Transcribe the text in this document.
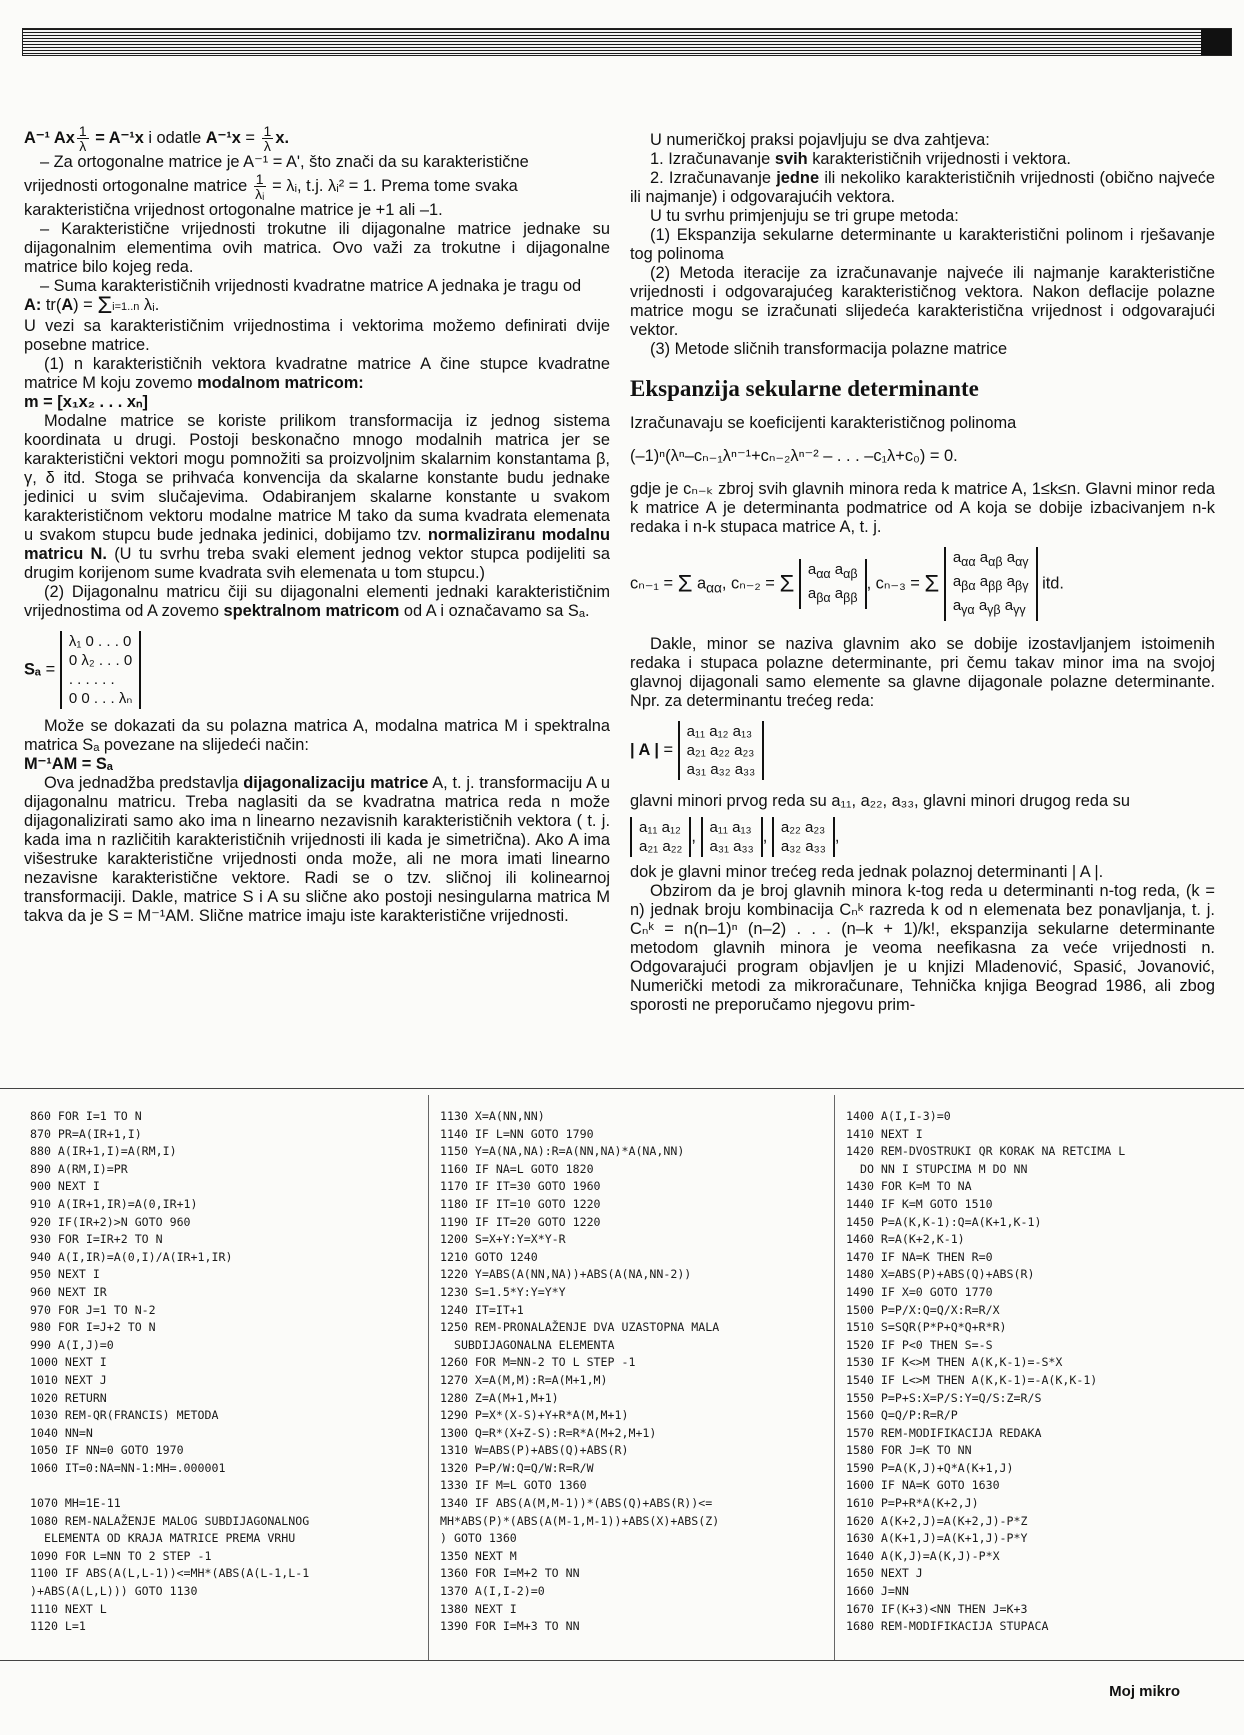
A⁻¹ Ax $\frac{1}{\lambda} = A^{-1}x$ i odatle $A^{-1}x = \frac{1}{\lambda} x$.

– Za ortogonalne matrice je A⁻¹ = A', što znači da su karakteristične

vrijednosti ortogonalne matrice $\frac{1}{\text{λᵢ}}$ = λᵢ, t.j. λᵢ² = 1. Prema tome svaka

karakteristična vrijednost ortogonalne matrice je +1 ali –1.

– Karakteristične vrijednosti trokutne ili dijagonalne matrice jednake su dijagonalnim elementima ovih matrica. Ovo važi za trokutne i dijagonalne matrice bilo kojeg reda.

– Suma karakterističnih vrijednosti kvadratne matrice A jednaka je tragu od

A: tr(A) = Σi=1..n λᵢ.

U vezi sa karakterističnim vrijednostima i vektorima možemo definirati dvije posebne matrice.

(1) n karakterističnih vektora kvadratne matrice A čine stupce kvadratne matrice M koju zovemo modalnom matricom:

m = [x₁x₂ . . . xₙ]

Modalne matrice se koriste prilikom transformacija iz jednog sistema koordinata u drugi. Postoji beskonačno mnogo modalnih matrica jer se karakteristični vektori mogu pomnožiti sa proizvoljnim skalarnim konstantama β, γ, δ itd. Stoga se prihvaća konvencija da skalarne konstante budu jednake jedinici u svim slučajevima. Odabiranjem skalarne konstante u svakom karakterističnom vektoru modalne matrice M tako da suma kvadrata elemenata u svakom stupcu bude jednaka jedinici, dobijamo tzv. normaliziranu modalnu matricu N. (U tu svrhu treba svaki element jednog vektor stupca podijeliti sa drugim korijenom sume kvadrata svih elemenata u tom stupcu.)

(2) Dijagonalnu matricu čiji su dijagonalni elementi jednaki karakterističnim vrijednostima od A zovemo spektralnom matricom od A i označavamo sa Sₐ.

Sₐ =
λ₁ 0 . . . 0
0 λ₂ . . . 0
. . . . . .
0 0 . . . λₙ

Može se dokazati da su polazna matrica A, modalna matrica M i spektralna matrica Sₐ povezane na slijedeći način:

M⁻¹AM = Sₐ

Ova jednadžba predstavlja dijagonalizaciju matrice A, t. j. transformaciju A u dijagonalnu matricu. Treba naglasiti da se kvadratna matrica reda n može dijagonalizirati samo ako ima n linearno nezavisnih karakterističnih vektora ( t. j. kada ima n različitih karakterističnih vrijednosti ili kada je simetrična). Ako A ima višestruke karakteristične vrijednosti onda može, ali ne mora imati linearno nezavisne karakteristične vektore. Radi se o tzv. sličnoj ili kolinearnoj transformaciji. Dakle, matrice S i A su slične ako postoji nesingularna matrica M takva da je S = M⁻¹AM. Slične matrice imaju iste karakteristične vrijednosti.

U numeričkoj praksi pojavljuju se dva zahtjeva:

1. Izračunavanje svih karakterističnih vrijednosti i vektora.

2. Izračunavanje jedne ili nekoliko karakterističnih vrijednosti (obično najveće ili najmanje) i odgovarajućih vektora.

U tu svrhu primjenjuju se tri grupe metoda:

(1) Ekspanzija sekularne determinante u karakteristični polinom i rješavanje tog polinoma

(2) Metoda iteracije za izračunavanje najveće ili najmanje karakteristične vrijednosti i odgovarajućeg karakterističnog vektora. Nakon deflacije polazne matrice mogu se izračunati slijedeća karakteristična vrijednost i odgovarajući vektor.

(3) Metode sličnih transformacija polazne matrice

Ekspanzija sekularne determinante

Izračunavaju se koeficijenti karakterističnog polinoma

(–1)ⁿ(λⁿ–cₙ₋₁λⁿ⁻¹+cₙ₋₂λⁿ⁻² – . . . –c₁λ+c₀) = 0.

gdje je cₙ₋ₖ zbroj svih glavnih minora reda k matrice A, 1≤k≤n. Glavni minor reda k matrice A je determinanta podmatrice od A koja se dobije izbacivanjem n-k redaka i n-k stupaca matrice A, t. j.

cₙ₋₁ = Σ $a_{\alpha\alpha}$, cₙ₋₂ = Σ
$a_{\alpha\alpha}$ $a_{\alpha\beta}$
$a_{\beta\alpha}$ $a_{\beta\beta}$
, cₙ₋₃ = Σ
$a_{\alpha\alpha}$ $a_{\alpha\beta}$ $a_{\alpha\gamma}$
$a_{\beta\alpha}$ $a_{\beta\beta}$ $a_{\beta\gamma}$
$a_{\gamma\alpha}$ $a_{\gamma\beta}$ $a_{\gamma\gamma}$
itd.

Dakle, minor se naziva glavnim ako se dobije izostavljanjem istoimenih redaka i stupaca polazne determinante, pri čemu takav minor ima na svojoj glavnoj dijagonali samo elemente sa glavne dijagonale polazne determinante. Npr. za determinantu trećeg reda:

| A | =
a₁₁ a₁₂ a₁₃
a₂₁ a₂₂ a₂₃
a₃₁ a₃₂ a₃₃

glavni minori prvog reda su a₁₁, a₂₂, a₃₃, glavni minori drugog reda su

a₁₁ a₁₂
a₂₁ a₂₂
, a₁₁ a₁₃
a₃₁ a₃₃
, a₂₂ a₂₃
a₃₂ a₃₃
,

dok je glavni minor trećeg reda jednak polaznoj determinanti | A |.

Obzirom da je broj glavnih minora k-tog reda u determinanti n-tog reda, (k = n) jednak broju kombinacija Cₙᵏ razreda k od n elemenata bez ponavljanja, t. j. Cₙᵏ = n(n–1)ⁿ (n–2) . . . (n–k + 1)/k!, ekspanzija sekularne determinante metodom glavnih minora je veoma neefikasna za veće vrijednosti n. Odgovarajući program objavljen je u knjizi Mladenović, Spasić, Jovanović, Numerički metodi za mikroračunare, Tehnička knjiga Beograd 1986, ali zbog sporosti ne preporučamo njegovu prim-

860 FOR I=1 TO N
870 PR=A(IR+1,I)
880 A(IR+1,I)=A(RM,I)
890 A(RM,I)=PR
900 NEXT I
910 A(IR+1,IR)=A(0,IR+1)
920 IF(IR+2)>N GOTO 960
930 FOR I=IR+2 TO N
940 A(I,IR)=A(0,I)/A(IR+1,IR)
950 NEXT I
960 NEXT IR
970 FOR J=1 TO N-2
980 FOR I=J+2 TO N
990 A(I,J)=0
1000 NEXT I
1010 NEXT J
1020 RETURN
1030 REM-QR(FRANCIS) METODA
1040 NN=N
1050 IF NN=0 GOTO 1970
1060 IT=0:NA=NN-1:MH=.000001
1070 MH=1E-11
1080 REM-NALAŽENJE MALOG SUBDIJAGONALNOG
ELEMENTA OD KRAJA MATRICE PREMA VRHU
1090 FOR L=NN TO 2 STEP -1
1100 IF ABS(A(L,L-1))<=MH*(ABS(A(L-1,L-1
)+ABS(A(L,L))) GOTO 1130
1110 NEXT L
1120 L=1
1130 X=A(NN,NN)
1140 IF L=NN GOTO 1790
1150 Y=A(NA,NA):R=A(NN,NA)*A(NA,NN)
1160 IF NA=L GOTO 1820
1170 IF IT=30 GOTO 1960
1180 IF IT=10 GOTO 1220
1190 IF IT=20 GOTO 1220
1200 S=X+Y:Y=X*Y-R
1210 GOTO 1240
1220 Y=ABS(A(NN,NA))+ABS(A(NA,NN-2))
1230 S=1.5*Y:Y=Y*Y
1240 IT=IT+1
1250 REM-PRONALAŽENJE DVA UZASTOPNA MALA
SUBDIJAGONALNA ELEMENTA
1260 FOR M=NN-2 TO L STEP -1
1270 X=A(M,M):R=A(M+1,M)
1280 Z=A(M+1,M+1)
1290 P=X*(X-S)+Y+R*A(M,M+1)
1300 Q=R*(X+Z-S):R=R*A(M+2,M+1)
1310 W=ABS(P)+ABS(Q)+ABS(R)
1320 P=P/W:Q=Q/W:R=R/W
1330 IF M=L GOTO 1360
1340 IF ABS(A(M,M-1))*(ABS(Q)+ABS(R))<=
MH*ABS(P)*(ABS(A(M-1,M-1))+ABS(X)+ABS(Z)
) GOTO 1360
1350 NEXT M
1360 FOR I=M+2 TO NN
1370 A(I,I-2)=0
1380 NEXT I
1390 FOR I=M+3 TO NN
1400 A(I,I-3)=0
1410 NEXT I
1420 REM-DVOSTRUKI QR KORAK NA RETCIMA L
DO NN I STUPCIMA M DO NN
1430 FOR K=M TO NA
1440 IF K=M GOTO 1510
1450 P=A(K,K-1):Q=A(K+1,K-1)
1460 R=A(K+2,K-1)
1470 IF NA=K THEN R=0
1480 X=ABS(P)+ABS(Q)+ABS(R)
1490 IF X=0 GOTO 1770
1500 P=P/X:Q=Q/X:R=R/X
1510 S=SQR(P*P+Q*Q+R*R)
1520 IF P<0 THEN S=-S
1530 IF K<>M THEN A(K,K-1)=-S*X
1540 IF L<>M THEN A(K,K-1)=-A(K,K-1)
1550 P=P+S:X=P/S:Y=Q/S:Z=R/S
1560 Q=Q/P:R=R/P
1570 REM-MODIFIKACIJA REDAKA
1580 FOR J=K TO NN
1590 P=A(K,J)+Q*A(K+1,J)
1600 IF NA=K GOTO 1630
1610 P=P+R*A(K+2,J)
1620 A(K+2,J)=A(K+2,J)-P*Z
1630 A(K+1,J)=A(K+1,J)-P*Y
1640 A(K,J)=A(K,J)-P*X
1650 NEXT J
1660 J=NN
1670 IF(K+3)<NN THEN J=K+3
1680 REM-MODIFIKACIJA STUPACA
Moj mikro
